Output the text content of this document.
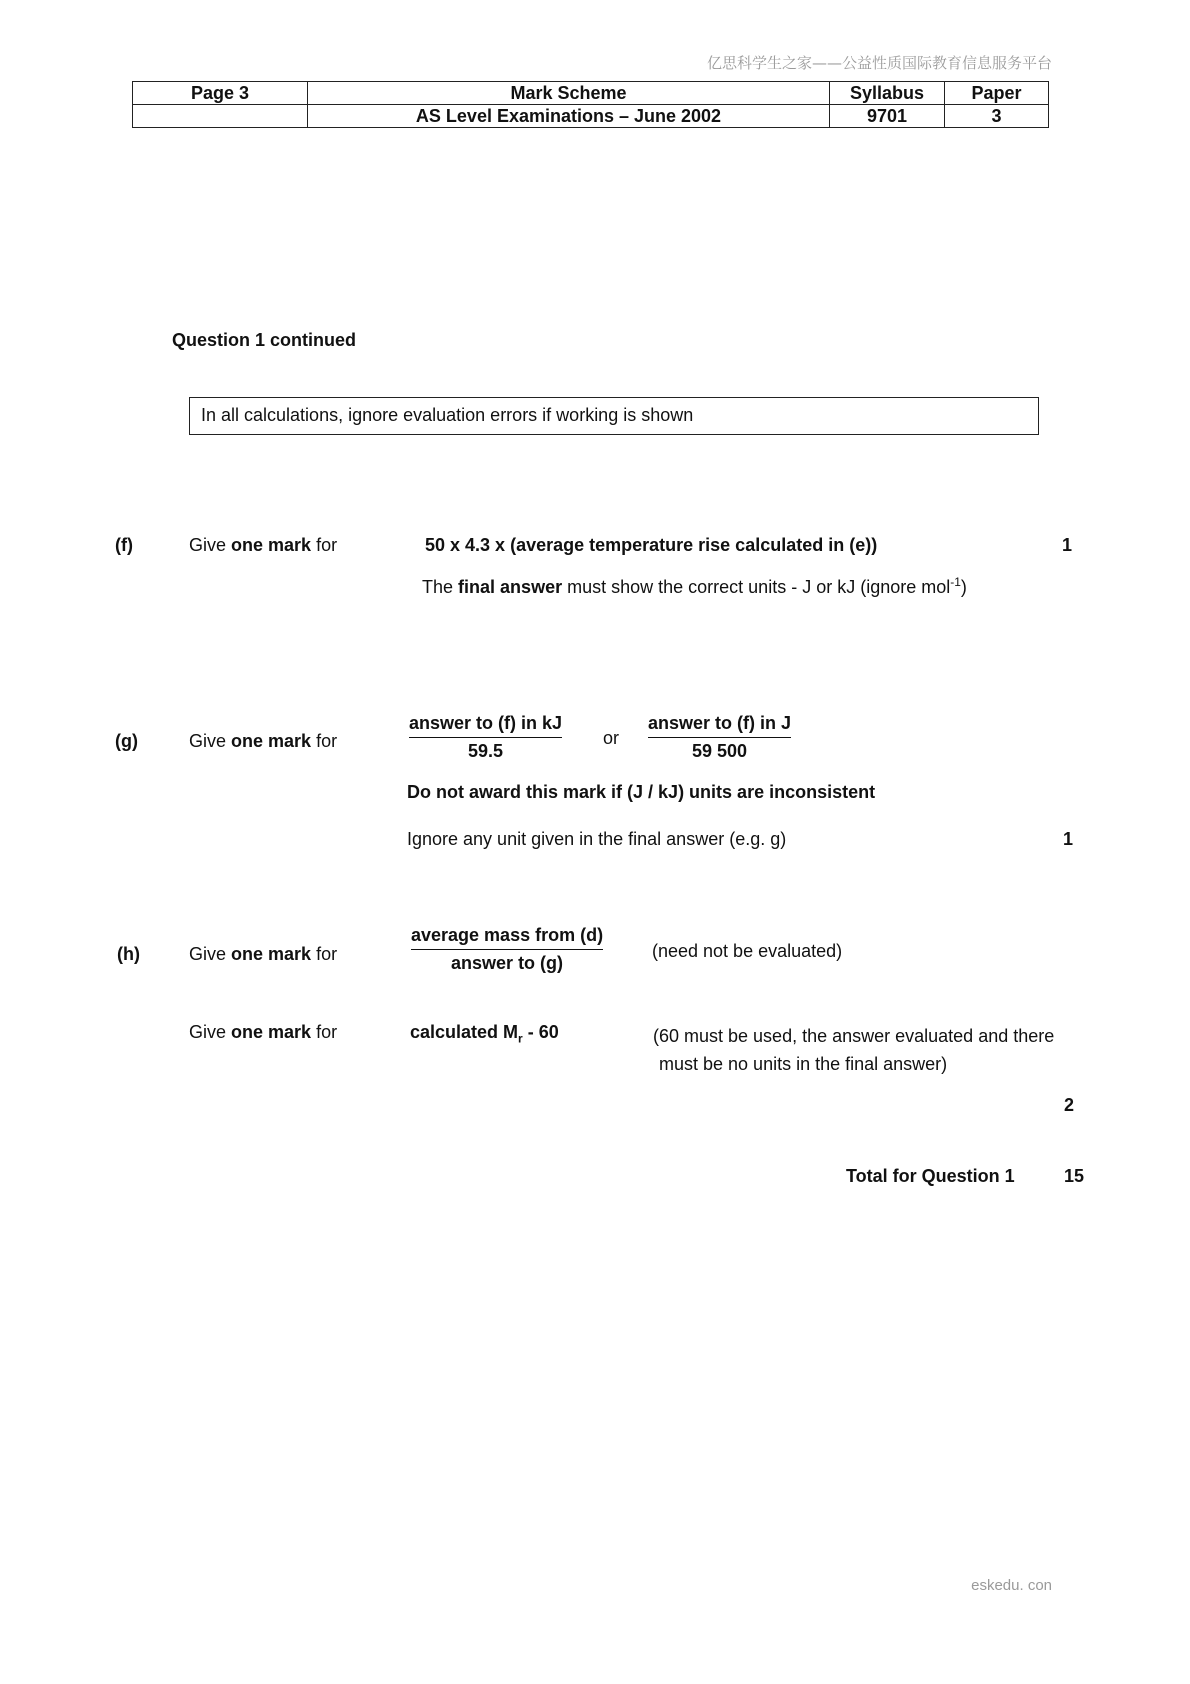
亿思科学生之家——公益性质国际教育信息服务平台
Page 3	Mark Scheme	Syllabus	Paper
	AS Level Examinations – June 2002	9701	3
Question 1 continued
In all calculations, ignore evaluation errors if working is shown
(f)	Give one mark for	50 x 4.3 x (average temperature rise calculated in (e))	1
The final answer must show the correct units - J or kJ (ignore mol$^{-1}$)
(g)	Give one mark for
answer to (f) in kJ
59.5
or
answer to (f) in J
59 500
Do not award this mark if (J / kJ) units are inconsistent
Ignore any unit given in the final answer (e.g. g)	1
(h)	Give one mark for
average mass from (d)
answer to (g)
(need not be evaluated)
Give one mark for	calculated $M_r - 60$	(60 must be used, the answer evaluated and there
must be no units in the final answer)
2
Total for Question 1	15
eskedu. con
